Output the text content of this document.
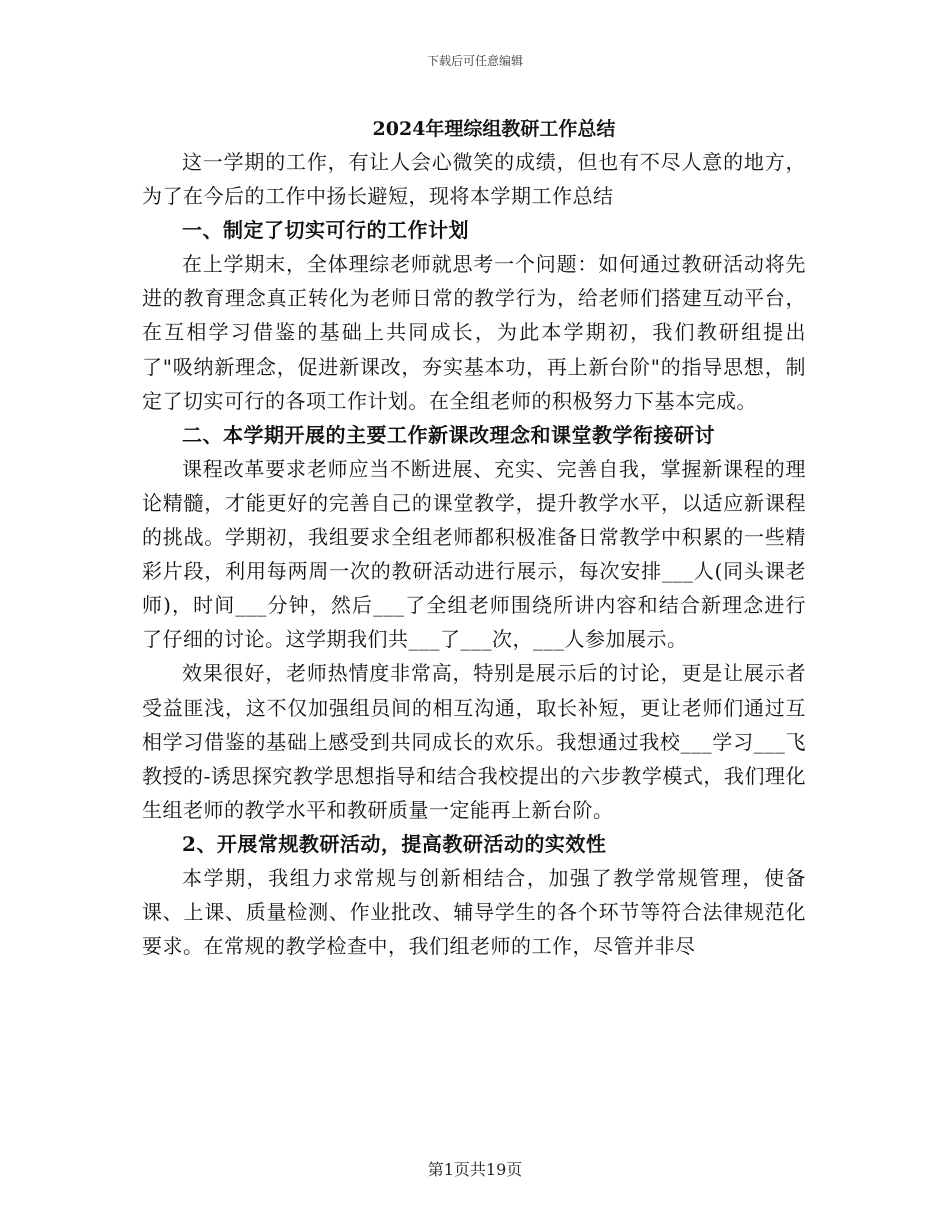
下载后可任意编辑

2024年理综组教研工作总结

这一学期的工作，有让人会心微笑的成绩，但也有不尽人意的地方，为了在今后的工作中扬长避短，现将本学期工作总结

一、制定了切实可行的工作计划

在上学期末，全体理综老师就思考一个问题：如何通过教研活动将先进的教育理念真正转化为老师日常的教学行为，给老师们搭建互动平台，在互相学习借鉴的基础上共同成长，为此本学期初，我们教研组提出了"吸纳新理念，促进新课改，夯实基本功，再上新台阶"的指导思想，制定了切实可行的各项工作计划。在全组老师的积极努力下基本完成。

二、本学期开展的主要工作新课改理念和课堂教学衔接研讨

课程改革要求老师应当不断进展、充实、完善自我，掌握新课程的理论精髓，才能更好的完善自己的课堂教学，提升教学水平，以适应新课程的挑战。学期初，我组要求全组老师都积极准备日常教学中积累的一些精彩片段，利用每两周一次的教研活动进行展示，每次安排___人(同头课老师)，时间___分钟，然后___了全组老师围绕所讲内容和结合新理念进行了仔细的讨论。这学期我们共___了___次，___人参加展示。

效果很好，老师热情度非常高，特别是展示后的讨论，更是让展示者受益匪浅，这不仅加强组员间的相互沟通，取长补短，更让老师们通过互相学习借鉴的基础上感受到共同成长的欢乐。我想通过我校___学习___飞教授的-诱思探究教学思想指导和结合我校提出的六步教学模式，我们理化生组老师的教学水平和教研质量一定能再上新台阶。

2、开展常规教研活动，提高教研活动的实效性

本学期，我组力求常规与创新相结合，加强了教学常规管理，使备课、上课、质量检测、作业批改、辅导学生的各个环节等符合法律规范化要求。在常规的教学检查中，我们组老师的工作，尽管并非尽

第1页共19页
